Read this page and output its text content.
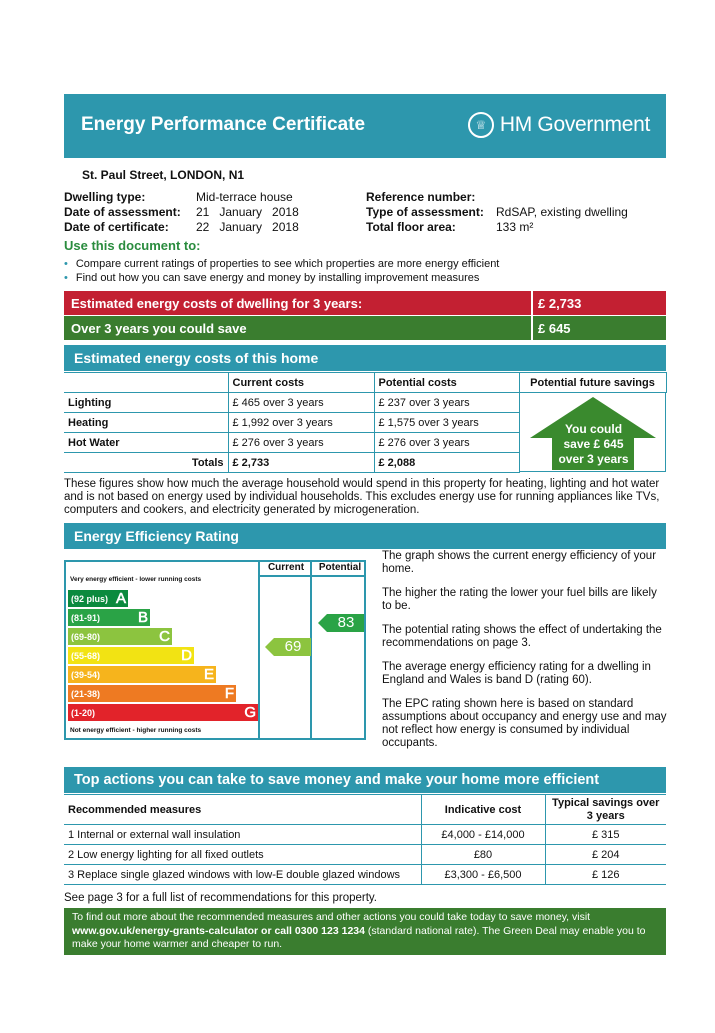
Energy Performance Certificate	♕ HM Government
St. Paul Street, LONDON, N1
Dwelling type:	Mid-terrace house
Date of assessment:	21   January   2018
Date of certificate:	22   January   2018
Reference number:
Type of assessment:	RdSAP, existing dwelling
Total floor area:	133 m²
Use this document to:
• Compare current ratings of properties to see which properties are more energy efficient
• Find out how you can save energy and money by installing improvement measures
Estimated energy costs of dwelling for 3 years:	£ 2,733
Over 3 years you could save	£ 645
Estimated energy costs of this home
	Current costs	Potential costs	Potential future savings
Lighting	£ 465 over 3 years	£ 237 over 3 years	
Heating	£ 1,992 over 3 years	£ 1,575 over 3 years	
Hot Water	£ 276 over 3 years	£ 276 over 3 years	
Totals	£ 2,733	£ 2,088	
You could
save £ 645
over 3 years
These figures show how much the average household would spend in this property for heating, lighting and hot water and is not based on energy used by individual households. This excludes energy use for running appliances like TVs, computers and cookers, and electricity generated by microgeneration.
Energy Efficiency Rating
Current	Potential
Very energy efficient - lower running costs
Not energy efficient - higher running costs
(92 plus) A
(81-91)	B
(69-80)	C
(55-68)	D
(39-54)	E
(21-38)	F
(1-20)	G
69
83
The graph shows the current energy efficiency of your home.
The higher the rating the lower your fuel bills are likely to be.
The potential rating shows the effect of undertaking the recommendations on page 3.
The average energy efficiency rating for a dwelling in England and Wales is band D (rating 60).
The EPC rating shown here is based on standard assumptions about occupancy and energy use and may not reflect how energy is consumed by individual occupants.
Top actions you can take to save money and make your home more efficient
Recommended measures	Indicative cost	Typical savings over 3 years
1 Internal or external wall insulation	£4,000 - £14,000	£ 315
2 Low energy lighting for all fixed outlets	£80	£ 204
3 Replace single glazed windows with low-E double glazed windows	£3,300 - £6,500	£ 126
See page 3 for a full list of recommendations for this property.
To find out more about the recommended measures and other actions you could take today to save money, visit www.gov.uk/energy-grants-calculator or call 0300 123 1234 (standard national rate). The Green Deal may enable you to make your home warmer and cheaper to run.
